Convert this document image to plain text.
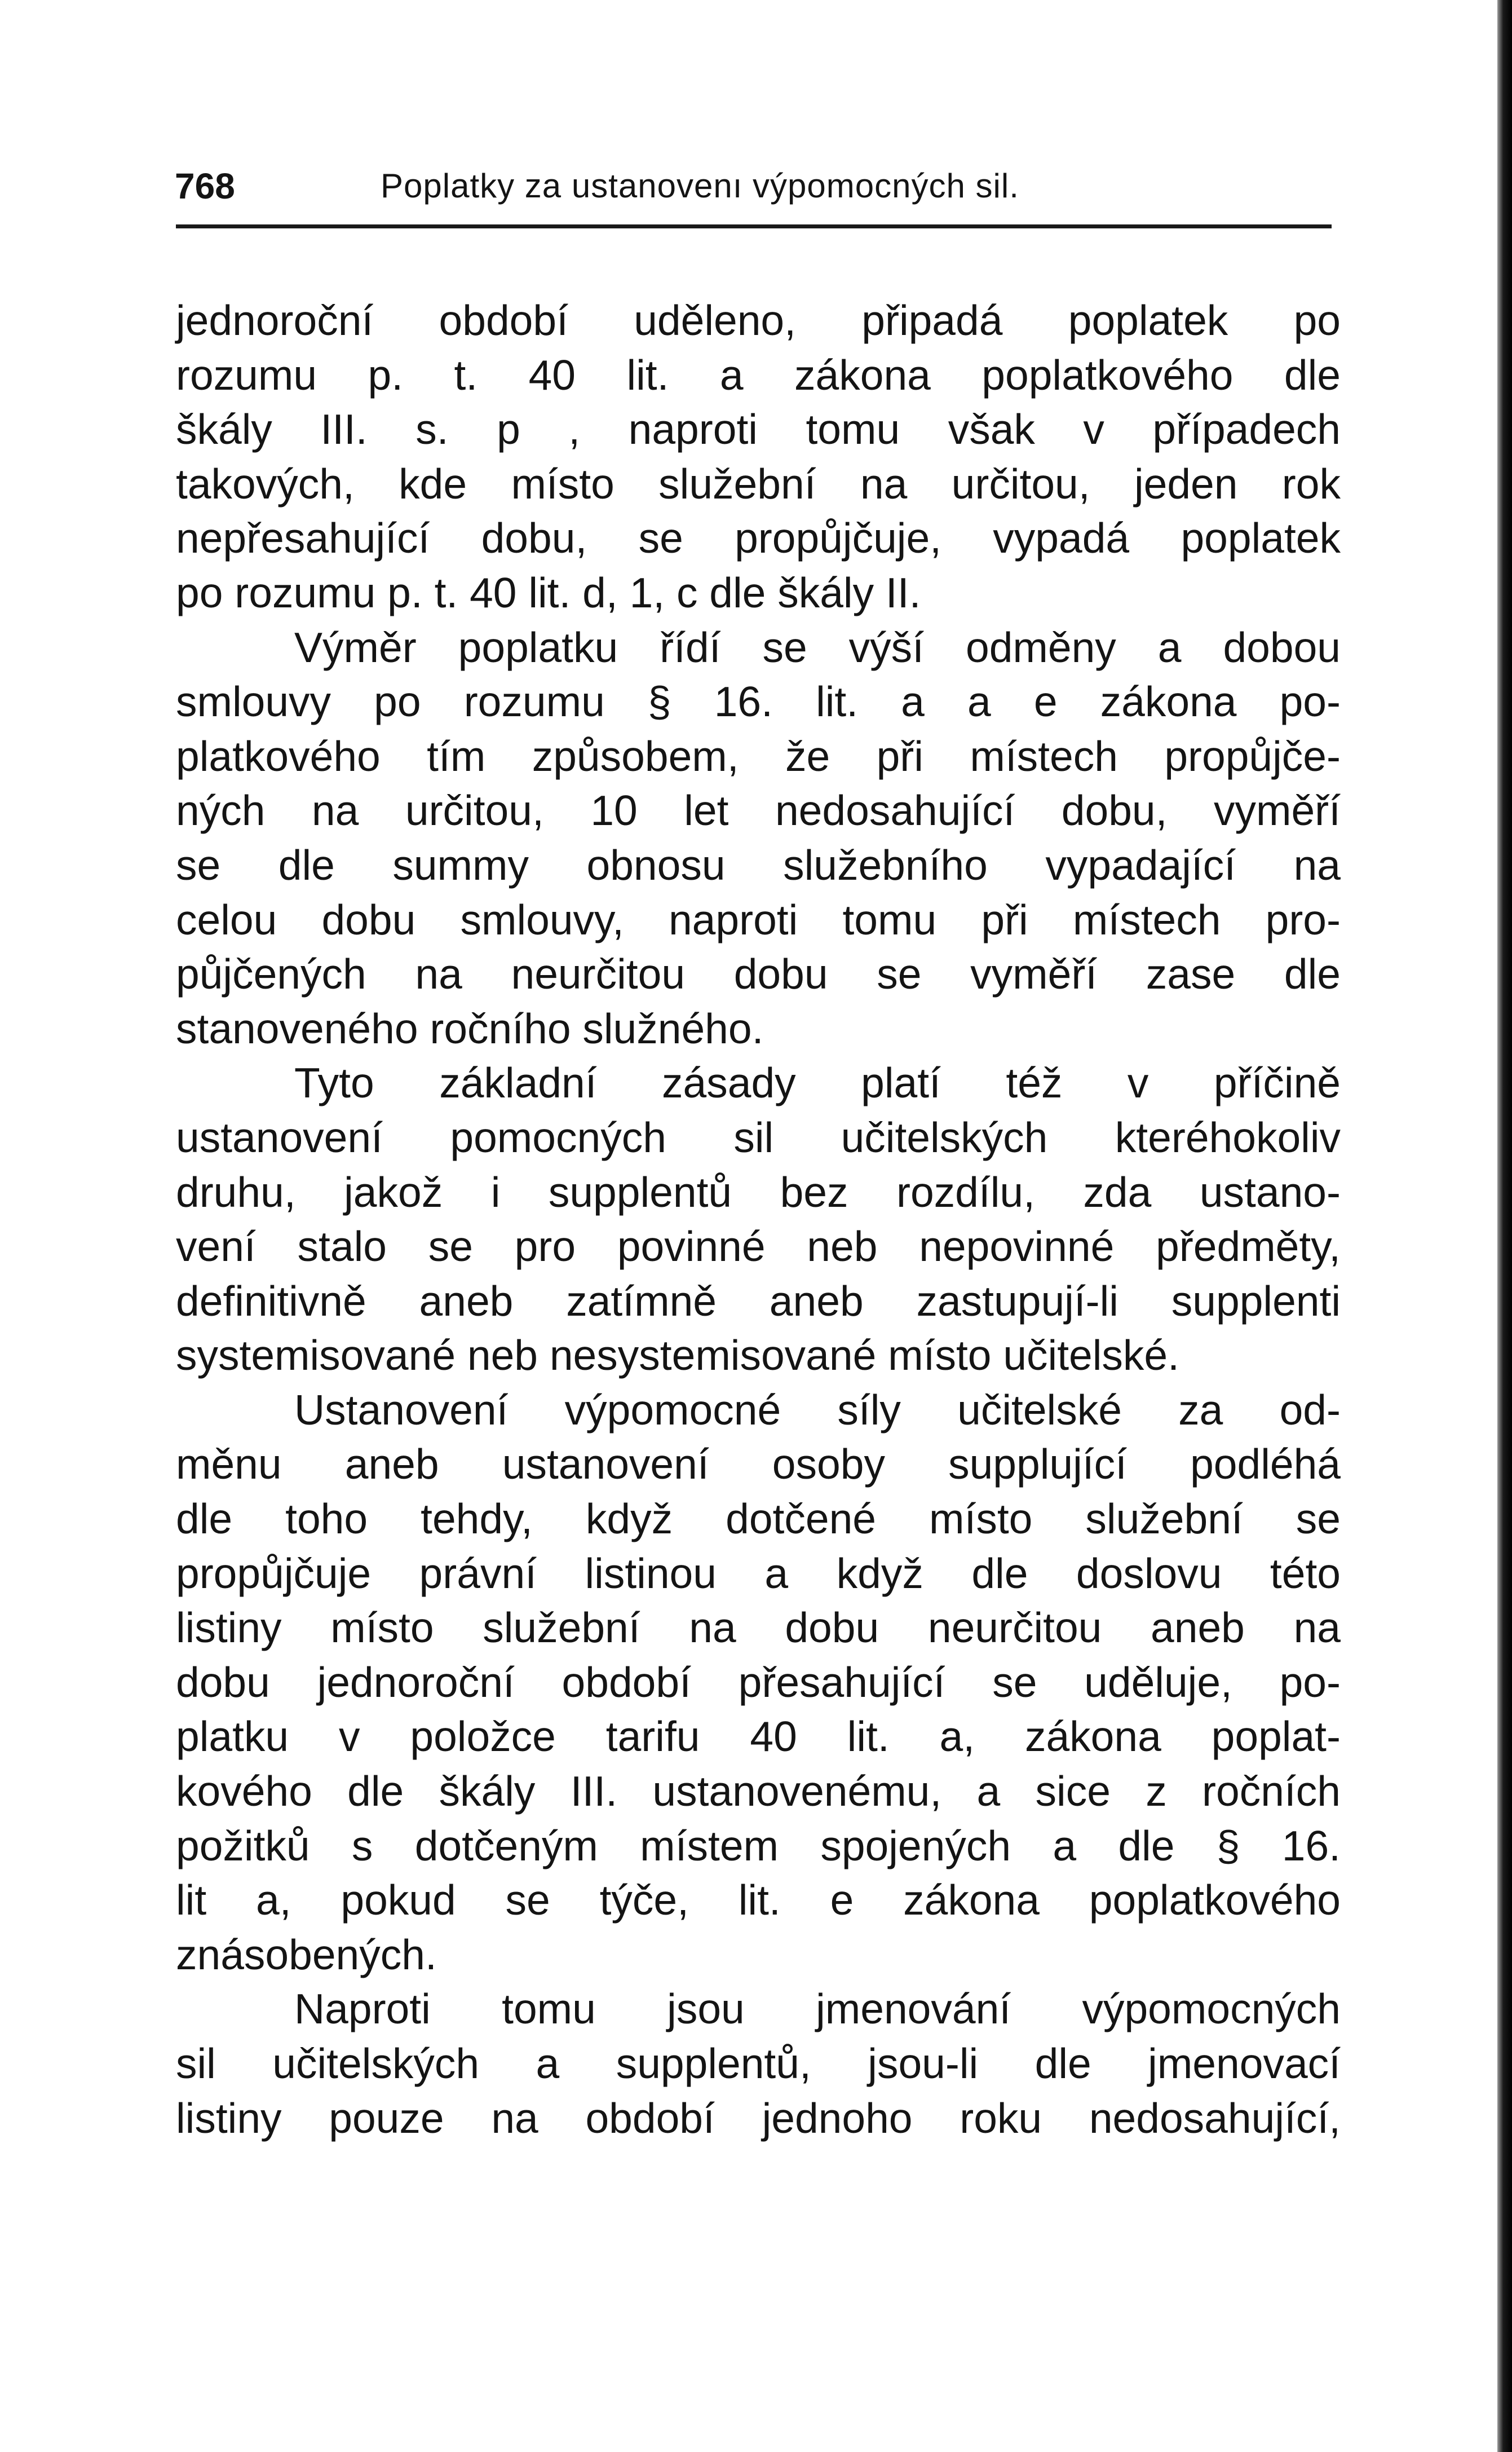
768	Poplatky za ustanovenı výpomocných sil.
jednoroční období uděleno, připadá poplatek po
rozumu p. t. 40 lit. a zákona poplatkového dle
škály III. s. p , naproti tomu však v případech
takových, kde místo služební na určitou, jeden rok
nepřesahující dobu, se propůjčuje, vypadá poplatek
po rozumu p. t. 40 lit. d, 1, c dle škály II.
Výměr poplatku řídí se výší odměny a dobou
smlouvy po rozumu § 16. lit. a a e zákona po-
platkového tím způsobem, že při místech propůjče-
ných na určitou, 10 let nedosahující dobu, vyměří
se dle summy obnosu služebního vypadající na
celou dobu smlouvy, naproti tomu při místech pro-
půjčených na neurčitou dobu se vyměří zase dle
stanoveného ročního služného.
Tyto základní zásady platí též v příčině
ustanovení pomocných sil učitelských kteréhokoliv
druhu, jakož i supplentů bez rozdílu, zda ustano-
vení stalo se pro povinné neb nepovinné předměty,
definitivně aneb zatímně aneb zastupují-li supplenti
systemisované neb nesystemisované místo učitelské.
Ustanovení výpomocné síly učitelské za od-
měnu aneb ustanovení osoby supplující podléhá
dle toho tehdy, když dotčené místo služební se
propůjčuje právní listinou a když dle doslovu této
listiny místo služební na dobu neurčitou aneb na
dobu jednoroční období přesahující se uděluje, po-
platku v položce tarifu 40 lit. a, zákona poplat-
kového dle škály III. ustanovenému, a sice z ročních
požitků s dotčeným místem spojených a dle § 16.
lit a, pokud se týče, lit. e zákona poplatkového
znásobených.
Naproti tomu jsou jmenování výpomocných
sil učitelských a supplentů, jsou-li dle jmenovací
listiny pouze na období jednoho roku nedosahující,
